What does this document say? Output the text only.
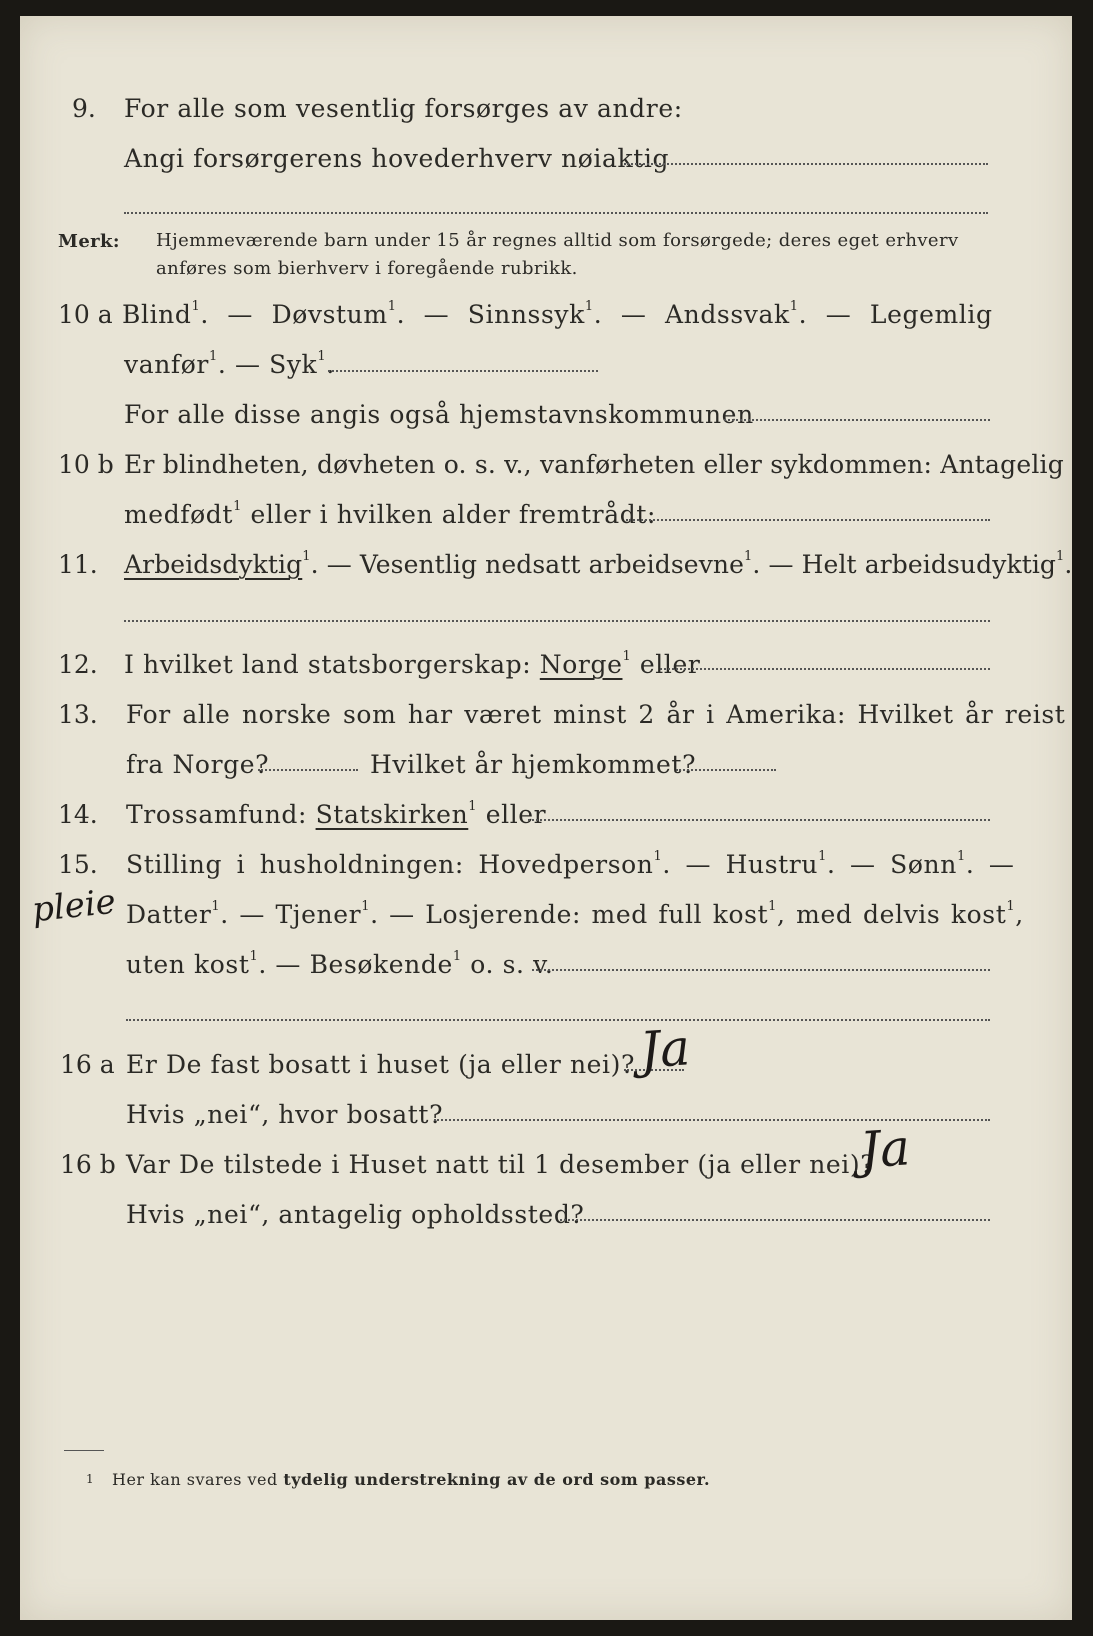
9. For alle som vesentlig forsørges av andre:
Angi forsørgerens hovederhverv nøiaktig
Merk: Hjemmeværende barn under 15 år regnes alltid som forsørgede; deres eget erhverv
anføres som bierhverv i foregående rubrikk.
10 a Blind$^1$. — Døvstum$^1$. — Sinnssyk$^1$. — Andssvak$^1$. — Legemlig
vanfør$^1$. — Syk$^1$.
For alle disse angis også hjemstavnskommunen
10 b Er blindheten, døvheten o. s. v., vanførheten eller sykdommen: Antagelig
medfødt$^1$ eller i hvilken alder fremtrådt:
11. Arbeidsdyktig$^1$. — Vesentlig nedsatt arbeidsevne$^1$. — Helt arbeidsudyktig$^1$.
12. I hvilket land statsborgerskap: Norge$^1$ eller
13. For alle norske som har været minst 2 år i Amerika: Hvilket år reist
fra Norge?	Hvilket år hjemkommet?
14. Trossamfund: Statskirken$^1$ eller
15. Stilling i husholdningen: Hovedperson$^1$. — Hustru$^1$. — Sønn$^1$. —
Datter$^1$. — Tjener$^1$. — Losjerende: med full kost$^1$, med delvis kost$^1$,
uten kost$^1$. — Besøkende$^1$ o. s. v.
pleie
16 a Er De fast bosatt i huset (ja eller nei)? Ja
Hvis „nei“, hvor bosatt?
16 b Var De tilstede i Huset natt til 1 desember (ja eller nei)?
Ja
Hvis „nei“, antagelig opholdssted?
1 Her kan svares ved tydelig understrekning av de ord som passer.
